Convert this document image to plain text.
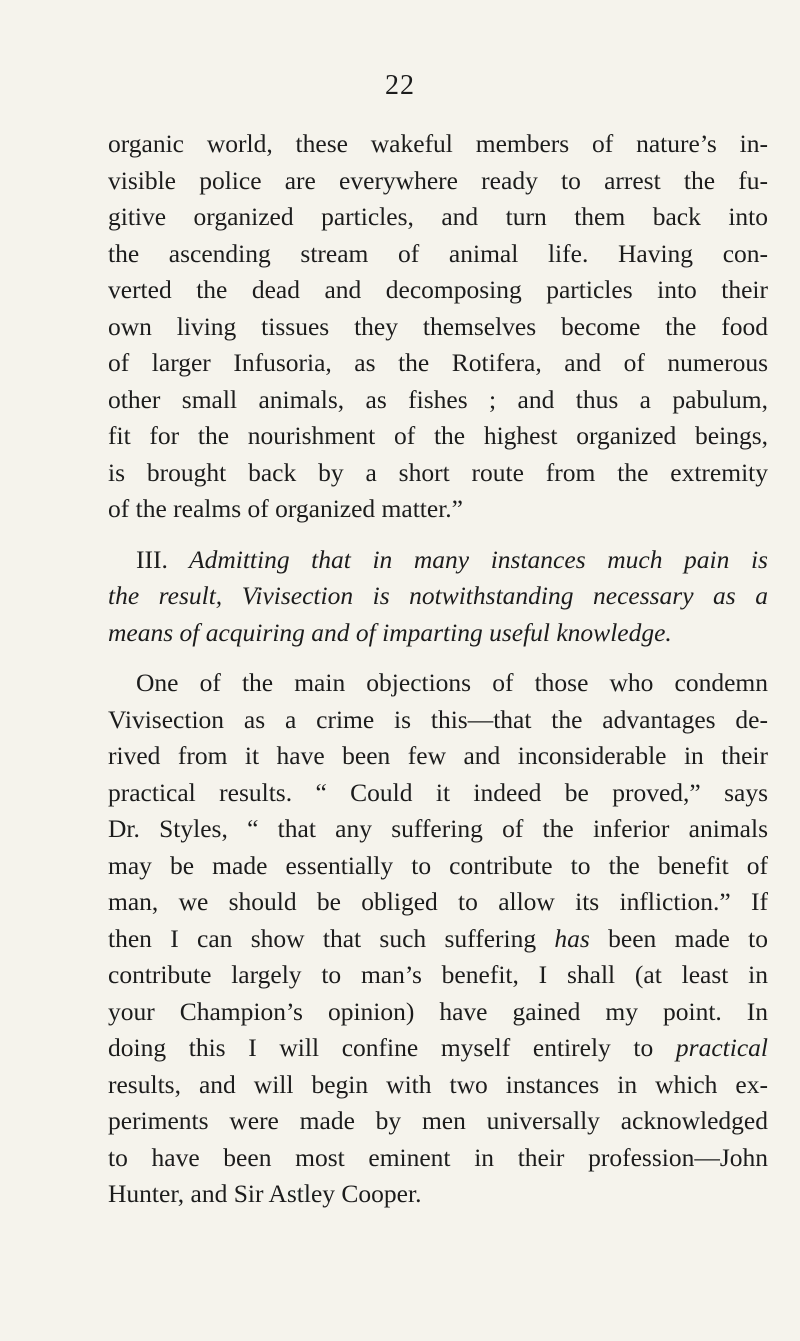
22
organic world, these wakeful members of nature’s in-
visible police are everywhere ready to arrest the fu-
gitive organized particles, and turn them back into
the ascending stream of animal life. Having con-
verted the dead and decomposing particles into their
own living tissues they themselves become the food
of larger Infusoria, as the Rotifera, and of numerous
other small animals, as fishes ; and thus a pabulum,
fit for the nourishment of the highest organized beings,
is brought back by a short route from the extremity
of the realms of organized matter.”
III. Admitting that in many instances much pain is
the result, Vivisection is notwithstanding necessary as a
means of acquiring and of imparting useful knowledge.
One of the main objections of those who condemn
Vivisection as a crime is this—that the advantages de-
rived from it have been few and inconsiderable in their
practical results. “ Could it indeed be proved,” says
Dr. Styles, “ that any suffering of the inferior animals
may be made essentially to contribute to the benefit of
man, we should be obliged to allow its infliction.” If
then I can show that such suffering has been made to
contribute largely to man’s benefit, I shall (at least in
your Champion’s opinion) have gained my point. In
doing this I will confine myself entirely to practical
results, and will begin with two instances in which ex-
periments were made by men universally acknowledged
to have been most eminent in their profession—John
Hunter, and Sir Astley Cooper.
